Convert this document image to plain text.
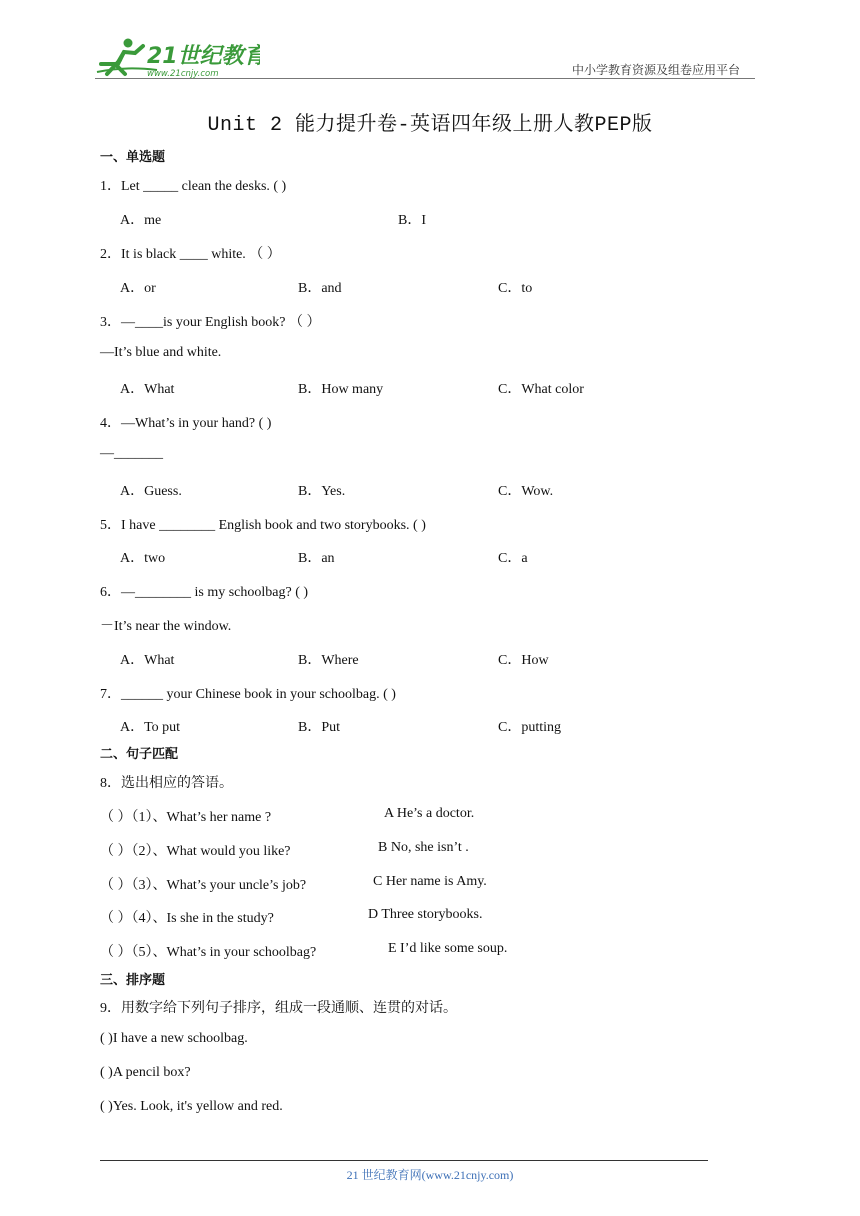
21世纪教育
www.21cnjy.com	中小学教育资源及组卷应用平台
Unit 2 能力提升卷-英语四年级上册人教PEP版
一、单选题
1．Let _____ clean the desks. ( )
A．me	B．I
2．It is black ____ white. （ ）
A．or	B．and	C．to
3．—____is your English book? （ ）
—It’s blue and white.
A．What	B．How many	C．What color
4．—What’s in your hand? ( )
—_______
A．Guess.	B．Yes.	C．Wow.
5．I have ________ English book and two storybooks. ( )
A．two	B．an	C．a
6．—________ is my schoolbag? ( )
－It’s near the window.
A．What	B．Where	C．How
7．______ your Chinese book in your schoolbag. ( )
A．To put	B．Put	C．putting
二、句子匹配
8．选出相应的答语。
（ ）（1）、What’s her name ?	A He’s a doctor.
（ ）（2）、What would you like?	B No, she isn’t .
（ ）（3）、What’s your uncle’s job?	C Her name is Amy.
（ ）（4）、Is she in the study?	D Three storybooks.
（ ）（5）、What’s in your schoolbag?	E I’d like some soup.
三、排序题
9．用数字给下列句子排序，组成一段通顺、连贯的对话。
( )I have a new schoolbag.
( )A pencil box?
( )Yes. Look, it's yellow and red.
21 世纪教育网(www.21cnjy.com)
